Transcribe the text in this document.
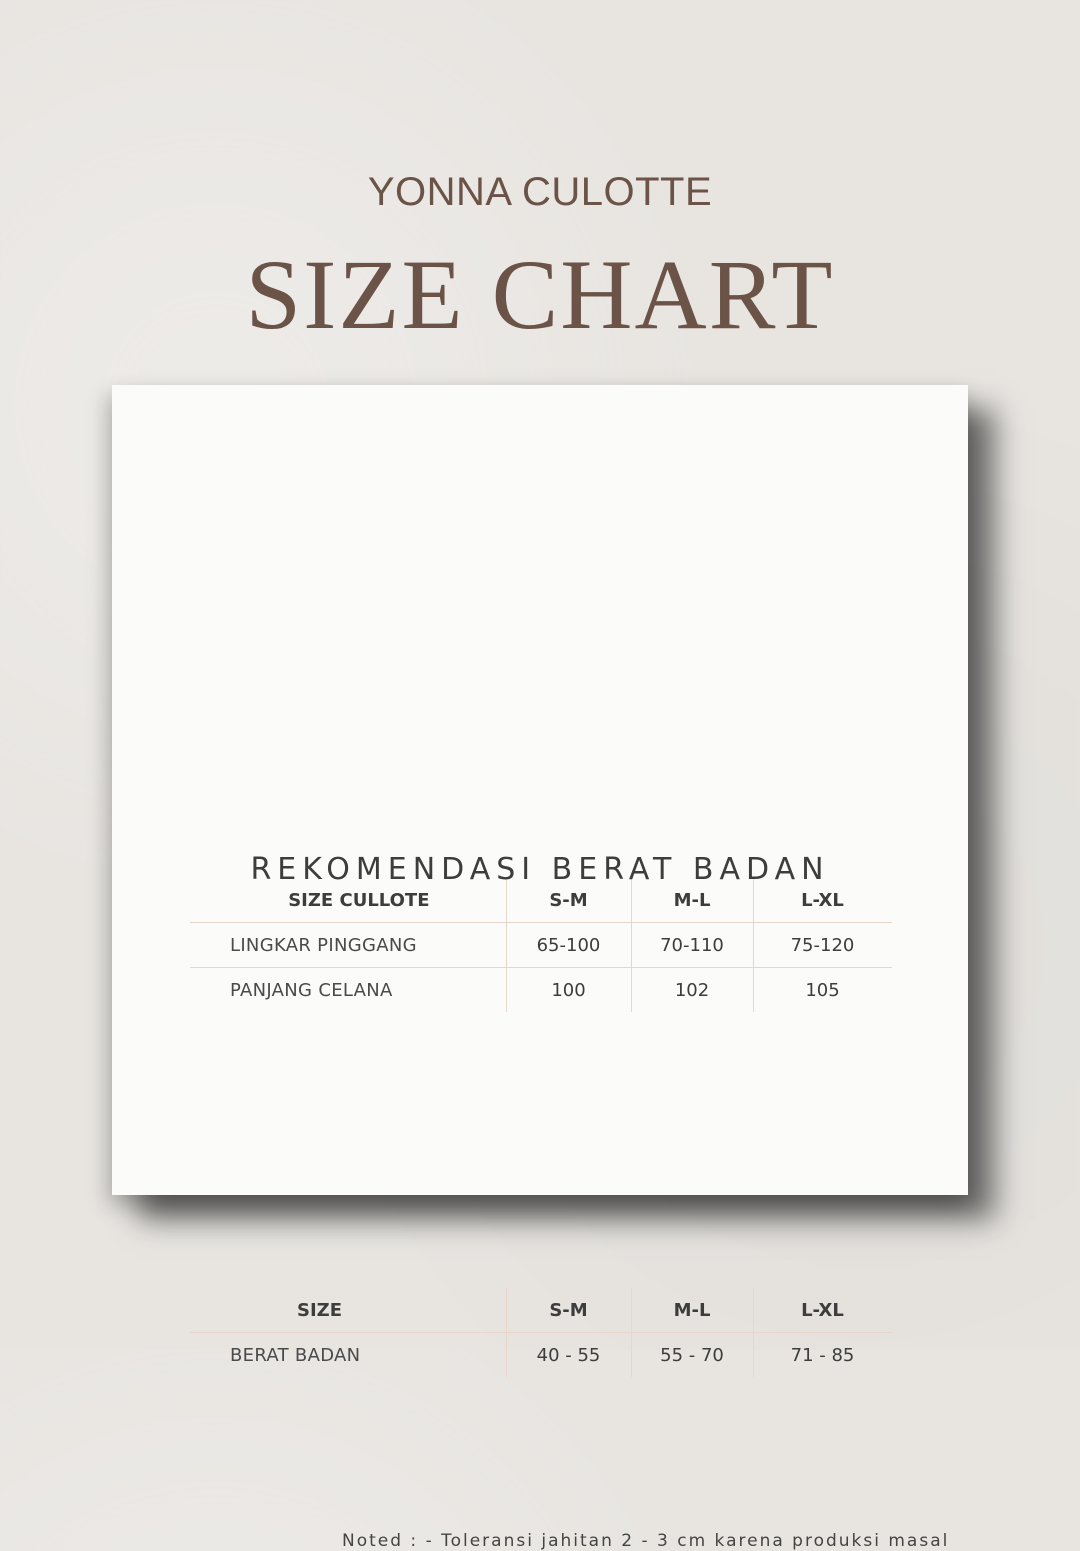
YONNA CULOTTE
SIZE CHART
SIZE CULLOTE	S-M	M-L	L-XL
LINGKAR PINGGANG	65-100	70-110	75-120
PANJANG CELANA	100	102	105
SIZE	S-M	M-L	L-XL
BERAT BADAN	40 - 55	55 - 70	71 - 85
Noted : - Toleransi jahitan 2 - 3 cm karena produksi masal
REKOMENDASI BERAT BADAN
